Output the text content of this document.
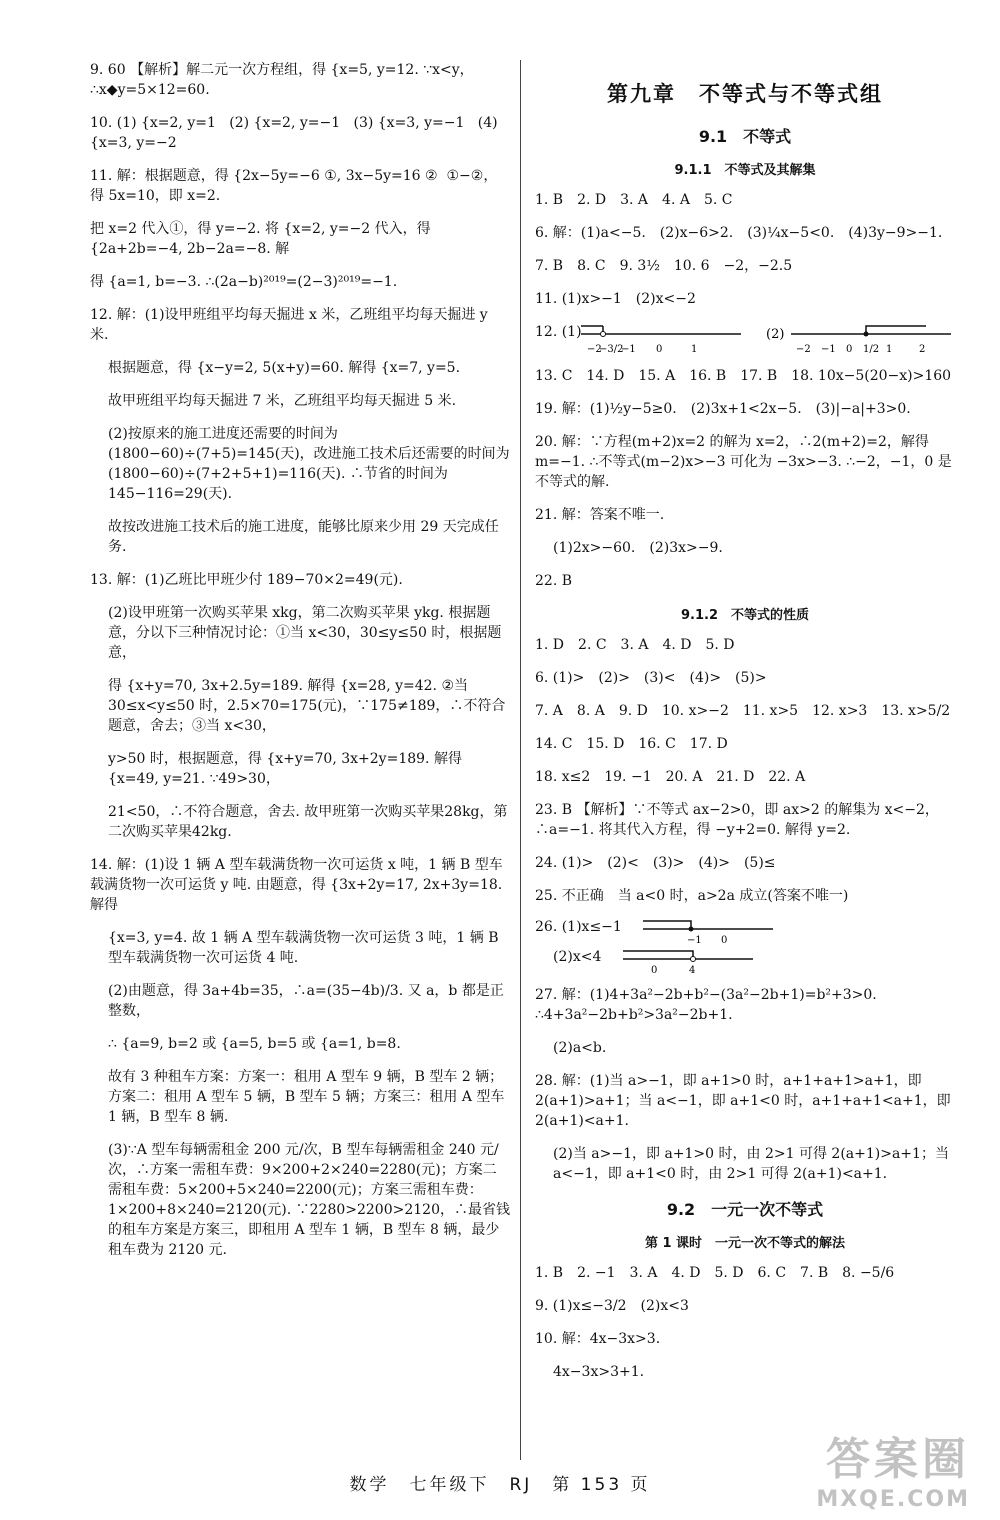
9. 60 【解析】解二元一次方程组，得 {x=5, y=12. ∵x<y，∴x◆y=5×12=60.
10. (1) {x=2, y=1   (2) {x=2, y=−1   (3) {x=3, y=−1   (4) {x=3, y=−2
11. 解：根据题意，得 {2x−5y=−6 ①, 3x−5y=16 ②  ①−②，得 5x=10，即 x=2.
把 x=2 代入①，得 y=−2. 将 {x=2, y=−2 代入，得 {2a+2b=−4, 2b−2a=−8. 解
得 {a=1, b=−3. ∴(2a−b)²⁰¹⁹=(2−3)²⁰¹⁹=−1.
12. 解：(1)设甲班组平均每天掘进 x 米，乙班组平均每天掘进 y 米.
根据题意，得 {x−y=2, 5(x+y)=60. 解得 {x=7, y=5.
故甲班组平均每天掘进 7 米，乙班组平均每天掘进 5 米.
(2)按原来的施工进度还需要的时间为(1800−60)÷(7+5)=145(天)，改进施工技术后还需要的时间为(1800−60)÷(7+2+5+1)=116(天). ∴节省的时间为 145−116=29(天).
故按改进施工技术后的施工进度，能够比原来少用 29 天完成任务.
13. 解：(1)乙班比甲班少付 189−70×2=49(元).
(2)设甲班第一次购买苹果 xkg，第二次购买苹果 ykg. 根据题意，分以下三种情况讨论：①当 x<30，30≤y≤50 时，根据题意，
得 {x+y=70, 3x+2.5y=189. 解得 {x=28, y=42. ②当 30≤x<y≤50 时，2.5×70=175(元)，∵175≠189，∴不符合题意，舍去；③当 x<30，
y>50 时，根据题意，得 {x+y=70, 3x+2y=189. 解得 {x=49, y=21. ∵49>30，
21<50，∴不符合题意，舍去. 故甲班第一次购买苹果28kg，第二次购买苹果42kg.
14. 解：(1)设 1 辆 A 型车载满货物一次可运货 x 吨，1 辆 B 型车载满货物一次可运货 y 吨. 由题意，得 {3x+2y=17, 2x+3y=18. 解得
{x=3, y=4. 故 1 辆 A 型车载满货物一次可运货 3 吨，1 辆 B 型车载满货物一次可运货 4 吨.
(2)由题意，得 3a+4b=35，∴a=(35−4b)/3. 又 a，b 都是正整数，
∴ {a=9, b=2 或 {a=5, b=5 或 {a=1, b=8.
故有 3 种租车方案：方案一：租用 A 型车 9 辆，B 型车 2 辆；方案二：租用 A 型车 5 辆，B 型车 5 辆；方案三：租用 A 型车 1 辆，B 型车 8 辆.
(3)∵A 型车每辆需租金 200 元/次，B 型车每辆需租金 240 元/次，∴方案一需租车费：9×200+2×240=2280(元)；方案二需租车费：5×200+5×240=2200(元)；方案三需租车费：1×200+8×240=2120(元). ∵2280>2200>2120，∴最省钱的租车方案是方案三，即租用 A 型车 1 辆，B 型车 8 辆，最少租车费为 2120 元.
第九章　不等式与不等式组
9.1　不等式
9.1.1　不等式及其解集
1. B　2. D　3. A　4. A　5. C
6. 解：(1)a<−5.　(2)x−6>2.　(3)¼x−5<0.　(4)3y−9>−1.
7. B　8. C　9. 3½　10. 6　−2，−2.5
11. (1)x>−1　(2)x<−2
12. (1)
−2
−3/2
−1 0	1
(2)
−2 −1 0 1/2 1	2
13. C　14. D　15. A　16. B　17. B　18. 10x−5(20−x)>160
19. 解：(1)½y−5≥0.　(2)3x+1<2x−5.　(3)|−a|+3>0.
20. 解：∵方程(m+2)x=2 的解为 x=2，∴2(m+2)=2，解得 m=−1. ∴不等式(m−2)x>−3 可化为 −3x>−3. ∴−2，−1，0 是不等式的解.
21. 解：答案不唯一.
(1)2x>−60.　(2)3x>−9.
22. B
9.1.2　不等式的性质
1. D　2. C　3. A　4. D　5. D
6. (1)>　(2)>　(3)<　(4)>　(5)>
7. A　8. A　9. D　10. x>−2　11. x>5　12. x>3　13. x>5/2
14. C　15. D　16. C　17. D
18. x≤2　19. −1　20. A　21. D　22. A
23. B 【解析】∵不等式 ax−2>0，即 ax>2 的解集为 x<−2，∴a=−1. 将其代入方程，得 −y+2=0. 解得 y=2.
24. (1)>　(2)<　(3)>　(4)>　(5)≤
25. 不正确　当 a<0 时，a>2a 成立(答案不唯一)
26. (1)x≤−1
−1 0
(2)x<4
0	4
27. 解：(1)4+3a²−2b+b²−(3a²−2b+1)=b²+3>0. ∴4+3a²−2b+b²>3a²−2b+1.
(2)a<b.
28. 解：(1)当 a>−1，即 a+1>0 时，a+1+a+1>a+1，即 2(a+1)>a+1；当 a<−1，即 a+1<0 时，a+1+a+1<a+1，即 2(a+1)<a+1.
(2)当 a>−1，即 a+1>0 时，由 2>1 可得 2(a+1)>a+1；当 a<−1，即 a+1<0 时，由 2>1 可得 2(a+1)<a+1.
9.2　一元一次不等式
第 1 课时　一元一次不等式的解法
1. B　2. −1　3. A　4. D　5. D　6. C　7. B　8. −5/6
9. (1)x≤−3/2　(2)x<3
10. 解：4x−3x>3.
4x−3x>3+1.
数学　七年级下　RJ　第 153 页	答案圈
MXQE.COM
